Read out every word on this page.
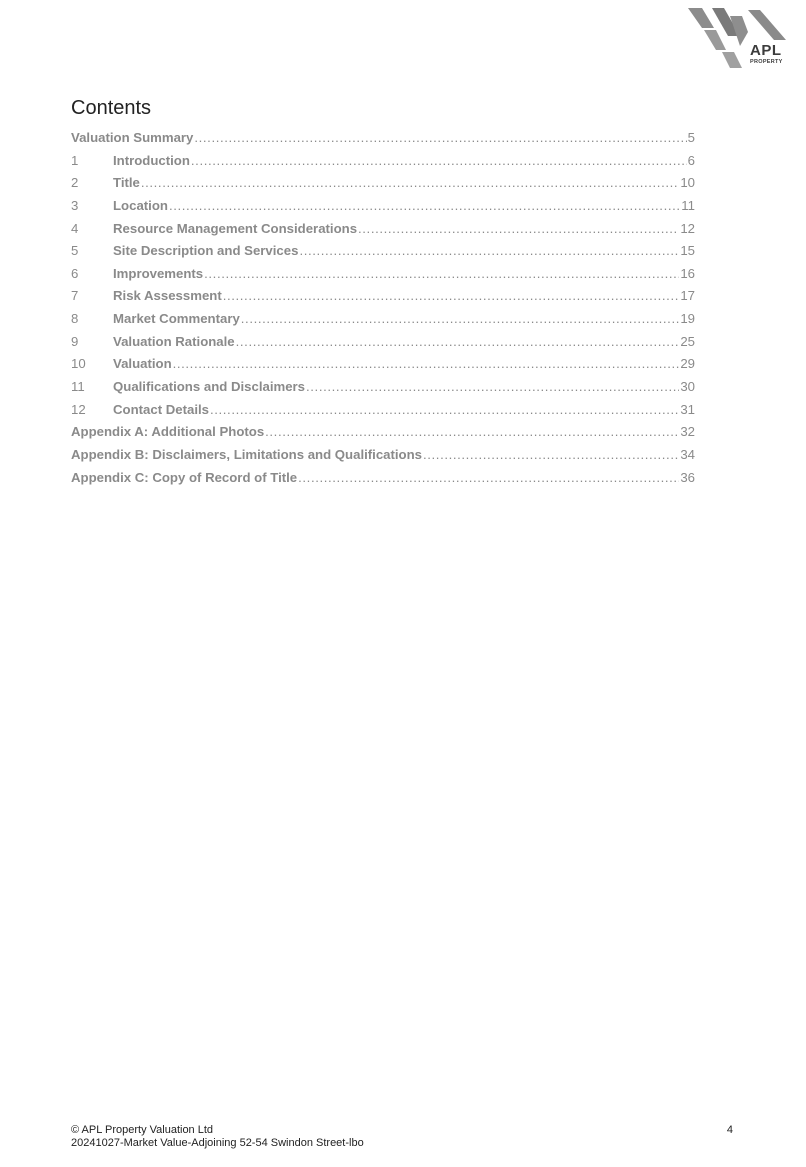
APL
PROPERTY
Contents
Valuation Summary .....	5
1	Introduction .....	6
2	Title .....	10
3	Location .....	11
4	Resource Management Considerations .....	12
5	Site Description and Services .....	15
6	Improvements .....	16
7	Risk Assessment .....	17
8	Market Commentary .....	19
9	Valuation Rationale .....	25
10	Valuation .....	29
11	Qualifications and Disclaimers .....	30
12	Contact Details .....	31
Appendix A: Additional Photos .....	32
Appendix B: Disclaimers, Limitations and Qualifications .....	34
Appendix C: Copy of Record of Title .....	36
© APL Property Valuation Ltd
20241027-Market Value-Adjoining 52-54 Swindon Street-lbo
4
